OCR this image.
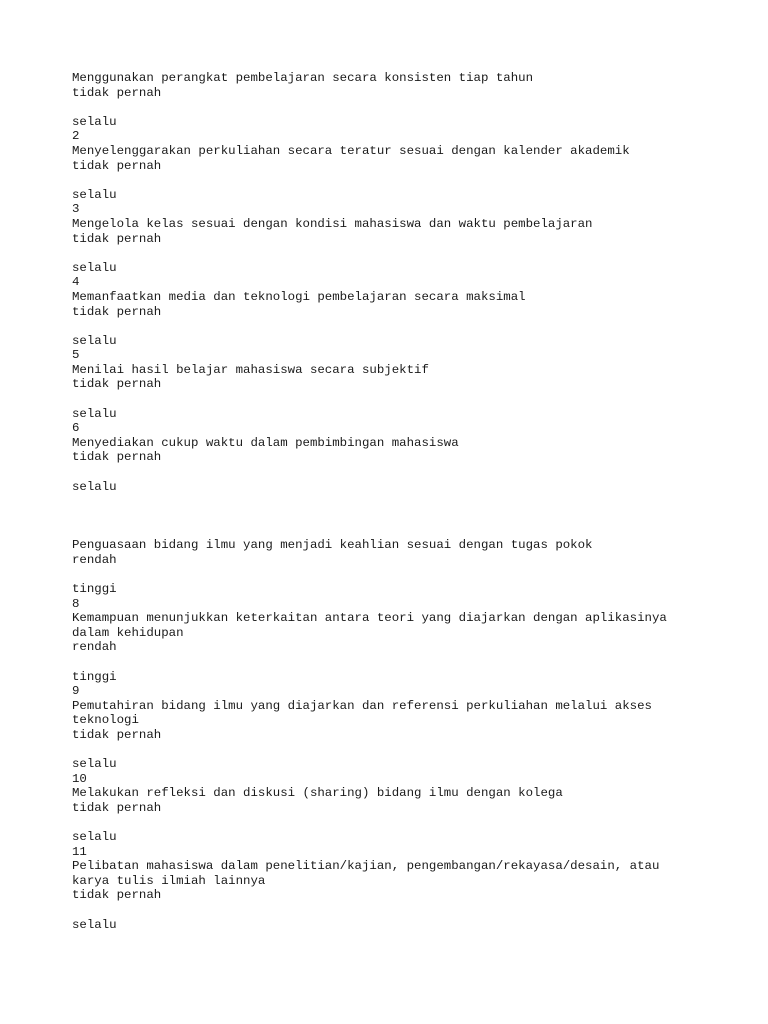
Menggunakan perangkat pembelajaran secara konsisten tiap tahun
tidak pernah
selalu
2
Menyelenggarakan perkuliahan secara teratur sesuai dengan kalender akademik
tidak pernah
selalu
3
Mengelola kelas sesuai dengan kondisi mahasiswa dan waktu pembelajaran
tidak pernah
selalu
4
Memanfaatkan media dan teknologi pembelajaran secara maksimal
tidak pernah
selalu
5
Menilai hasil belajar mahasiswa secara subjektif
tidak pernah
selalu
6
Menyediakan cukup waktu dalam pembimbingan mahasiswa
tidak pernah
selalu
Penguasaan bidang ilmu yang menjadi keahlian sesuai dengan tugas pokok
rendah
tinggi
8
Kemampuan menunjukkan keterkaitan antara teori yang diajarkan dengan aplikasinya
dalam kehidupan
rendah
tinggi
9
Pemutahiran bidang ilmu yang diajarkan dan referensi perkuliahan melalui akses
teknologi
tidak pernah
selalu
10
Melakukan refleksi dan diskusi (sharing) bidang ilmu dengan kolega
tidak pernah
selalu
11
Pelibatan mahasiswa dalam penelitian/kajian, pengembangan/rekayasa/desain, atau
karya tulis ilmiah lainnya
tidak pernah
selalu
